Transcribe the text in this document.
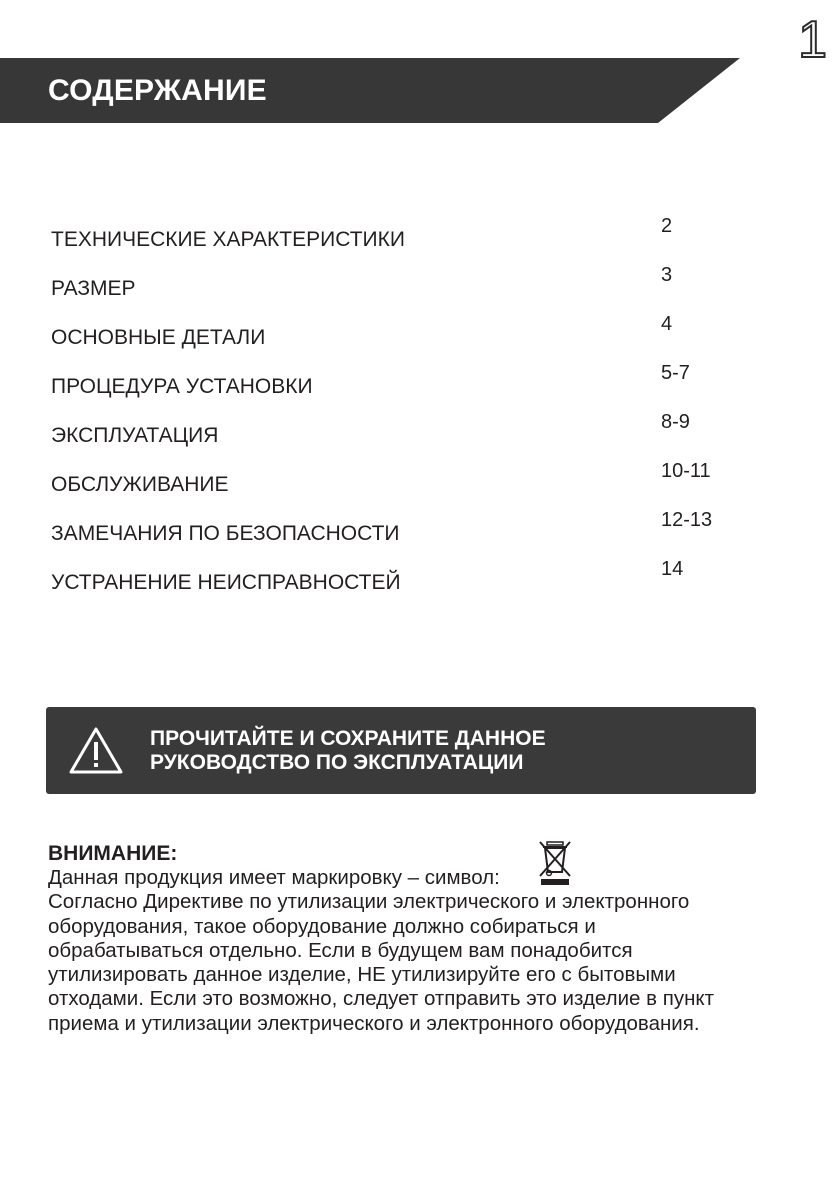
1
СОДЕРЖАНИЕ
ТЕХНИЧЕСКИЕ ХАРАКТЕРИСТИКИ
2
РАЗМЕР
3
ОСНОВНЫЕ ДЕТАЛИ
4
ПРОЦЕДУРА УСТАНОВКИ
5-7
ЭКСПЛУАТАЦИЯ
8-9
ОБСЛУЖИВАНИЕ
10-11
ЗАМЕЧАНИЯ ПО БЕЗОПАСНОСТИ
12-13
УСТРАНЕНИЕ НЕИСПРАВНОСТЕЙ
14
ПРОЧИТАЙТЕ И СОХРАНИТЕ ДАННОЕ
РУКОВОДСТВО ПО ЭКСПЛУАТАЦИИ
ВНИМАНИЕ:
Данная продукция имеет маркировку – символ:
Согласно Директиве по утилизации электрического и электронного
оборудования, такое оборудование должно собираться и
обрабатываться отдельно. Если в будущем вам понадобится
утилизировать данное изделие, НЕ утилизируйте его с бытовыми
отходами. Если это возможно, следует отправить это изделие в пункт
приема и утилизации электрического и электронного оборудования.
